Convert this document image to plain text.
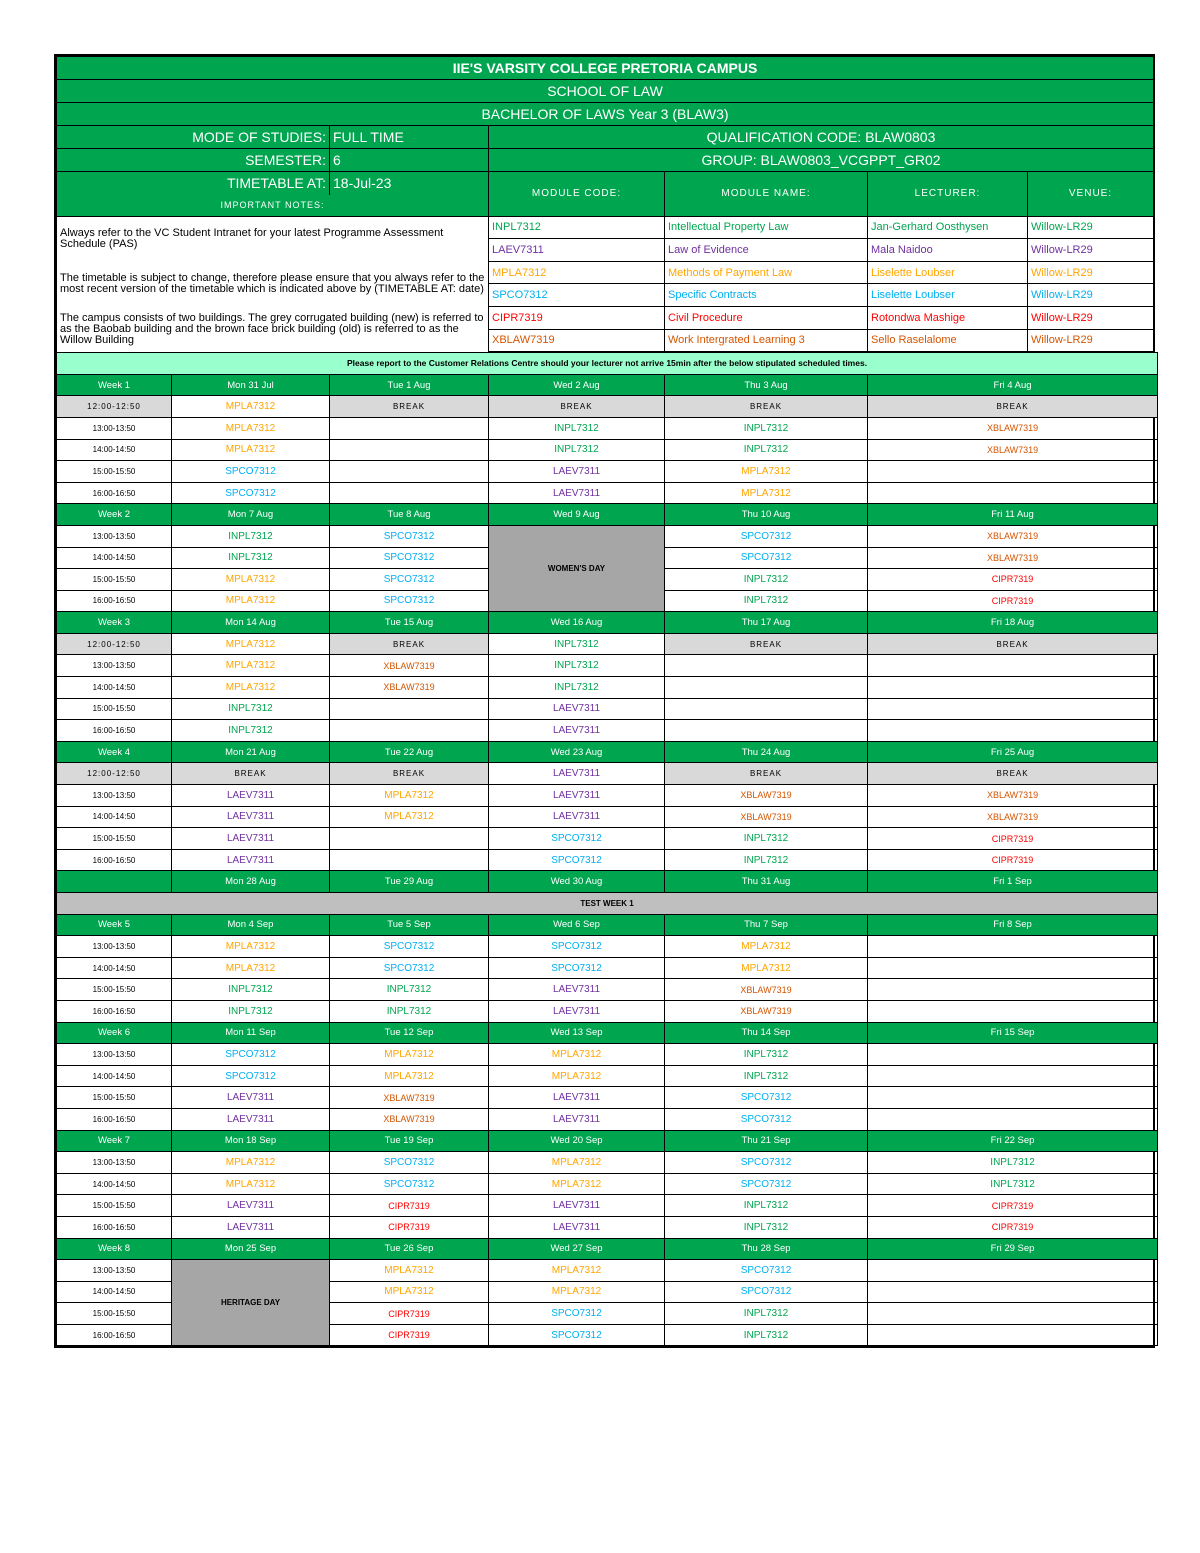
IIE'S VARSITY COLLEGE PRETORIA CAMPUS					
SCHOOL OF LAW					
BACHELOR OF LAWS Year 3 (BLAW3)					
MODE OF STUDIES:	FULL TIME	QUALIFICATION CODE: BLAW0803			
SEMESTER:	6	GROUP: BLAW0803_VCGPPT_GR02			
TIMETABLE AT:	18-Jul-23	MODULE CODE:	MODULE NAME:	LECTURER:	VENUE:
IMPORTANT NOTES:					
Always refer to the VC Student Intranet for your latest Programme Assessment Schedule (PAS)		INPL7312	Intellectual Property Law	Jan-Gerhard Oosthysen	Willow-LR29
		LAEV7311	Law of Evidence	Mala Naidoo	Willow-LR29
The timetable is subject to change, therefore please ensure that you always refer to the most recent version of the timetable which is indicated above by (TIMETABLE AT: date)		MPLA7312	Methods of Payment Law	Liselette Loubser	Willow-LR29
		SPCO7312	Specific Contracts	Liselette Loubser	Willow-LR29
The campus consists of two buildings. The grey corrugated building (new) is referred to as the Baobab building and the brown face brick building (old) is referred to as the Willow Building		CIPR7319	Civil Procedure	Rotondwa Mashige	Willow-LR29
		XBLAW7319	Work Intergrated Learning 3	Sello Raselalome	Willow-LR29
Please report to the Customer Relations Centre should your lecturer not arrive 15min after the below stipulated scheduled times.					
Week 1	Mon 31 Jul	Tue 1 Aug	Wed 2 Aug	Thu 3 Aug	Fri 4 Aug
12:00-12:50	MPLA7312	BREAK	BREAK	BREAK	BREAK
13:00-13:50	MPLA7312		INPL7312	INPL7312	XBLAW7319
14:00-14:50	MPLA7312		INPL7312	INPL7312	XBLAW7319
15:00-15:50	SPCO7312		LAEV7311	MPLA7312	
16:00-16:50	SPCO7312		LAEV7311	MPLA7312	
Week 2	Mon 7 Aug	Tue 8 Aug	Wed 9 Aug	Thu 10 Aug	Fri 11 Aug
13:00-13:50	INPL7312	SPCO7312	WOMEN'S DAY	SPCO7312	XBLAW7319
14:00-14:50	INPL7312	SPCO7312		SPCO7312	XBLAW7319
15:00-15:50	MPLA7312	SPCO7312		INPL7312	CIPR7319
16:00-16:50	MPLA7312	SPCO7312		INPL7312	CIPR7319
Week 3	Mon 14 Aug	Tue 15 Aug	Wed 16 Aug	Thu 17 Aug	Fri 18 Aug
12:00-12:50	MPLA7312	BREAK	INPL7312	BREAK	BREAK
13:00-13:50	MPLA7312	XBLAW7319	INPL7312		
14:00-14:50	MPLA7312	XBLAW7319	INPL7312		
15:00-15:50	INPL7312		LAEV7311		
16:00-16:50	INPL7312		LAEV7311		
Week 4	Mon 21 Aug	Tue 22 Aug	Wed 23 Aug	Thu 24 Aug	Fri 25 Aug
12:00-12:50	BREAK	BREAK	LAEV7311	BREAK	BREAK
13:00-13:50	LAEV7311	MPLA7312	LAEV7311	XBLAW7319	XBLAW7319
14:00-14:50	LAEV7311	MPLA7312	LAEV7311	XBLAW7319	XBLAW7319
15:00-15:50	LAEV7311		SPCO7312	INPL7312	CIPR7319
16:00-16:50	LAEV7311		SPCO7312	INPL7312	CIPR7319
	Mon 28 Aug	Tue 29 Aug	Wed 30 Aug	Thu 31 Aug	Fri 1 Sep
TEST WEEK 1					
Week 5	Mon 4 Sep	Tue 5 Sep	Wed 6 Sep	Thu 7 Sep	Fri 8 Sep
13:00-13:50	MPLA7312	SPCO7312	SPCO7312	MPLA7312	
14:00-14:50	MPLA7312	SPCO7312	SPCO7312	MPLA7312	
15:00-15:50	INPL7312	INPL7312	LAEV7311	XBLAW7319	
16:00-16:50	INPL7312	INPL7312	LAEV7311	XBLAW7319	
Week 6	Mon 11 Sep	Tue 12 Sep	Wed 13 Sep	Thu 14 Sep	Fri 15 Sep
13:00-13:50	SPCO7312	MPLA7312	MPLA7312	INPL7312	
14:00-14:50	SPCO7312	MPLA7312	MPLA7312	INPL7312	
15:00-15:50	LAEV7311	XBLAW7319	LAEV7311	SPCO7312	
16:00-16:50	LAEV7311	XBLAW7319	LAEV7311	SPCO7312	
Week 7	Mon 18 Sep	Tue 19 Sep	Wed 20 Sep	Thu 21 Sep	Fri 22 Sep
13:00-13:50	MPLA7312	SPCO7312	MPLA7312	SPCO7312	INPL7312
14:00-14:50	MPLA7312	SPCO7312	MPLA7312	SPCO7312	INPL7312
15:00-15:50	LAEV7311	CIPR7319	LAEV7311	INPL7312	CIPR7319
16:00-16:50	LAEV7311	CIPR7319	LAEV7311	INPL7312	CIPR7319
Week 8	Mon 25 Sep	Tue 26 Sep	Wed 27 Sep	Thu 28 Sep	Fri 29 Sep
13:00-13:50	HERITAGE DAY	MPLA7312	MPLA7312	SPCO7312	
14:00-14:50		MPLA7312	MPLA7312	SPCO7312	
15:00-15:50		CIPR7319	SPCO7312	INPL7312	
16:00-16:50		CIPR7319	SPCO7312	INPL7312	
